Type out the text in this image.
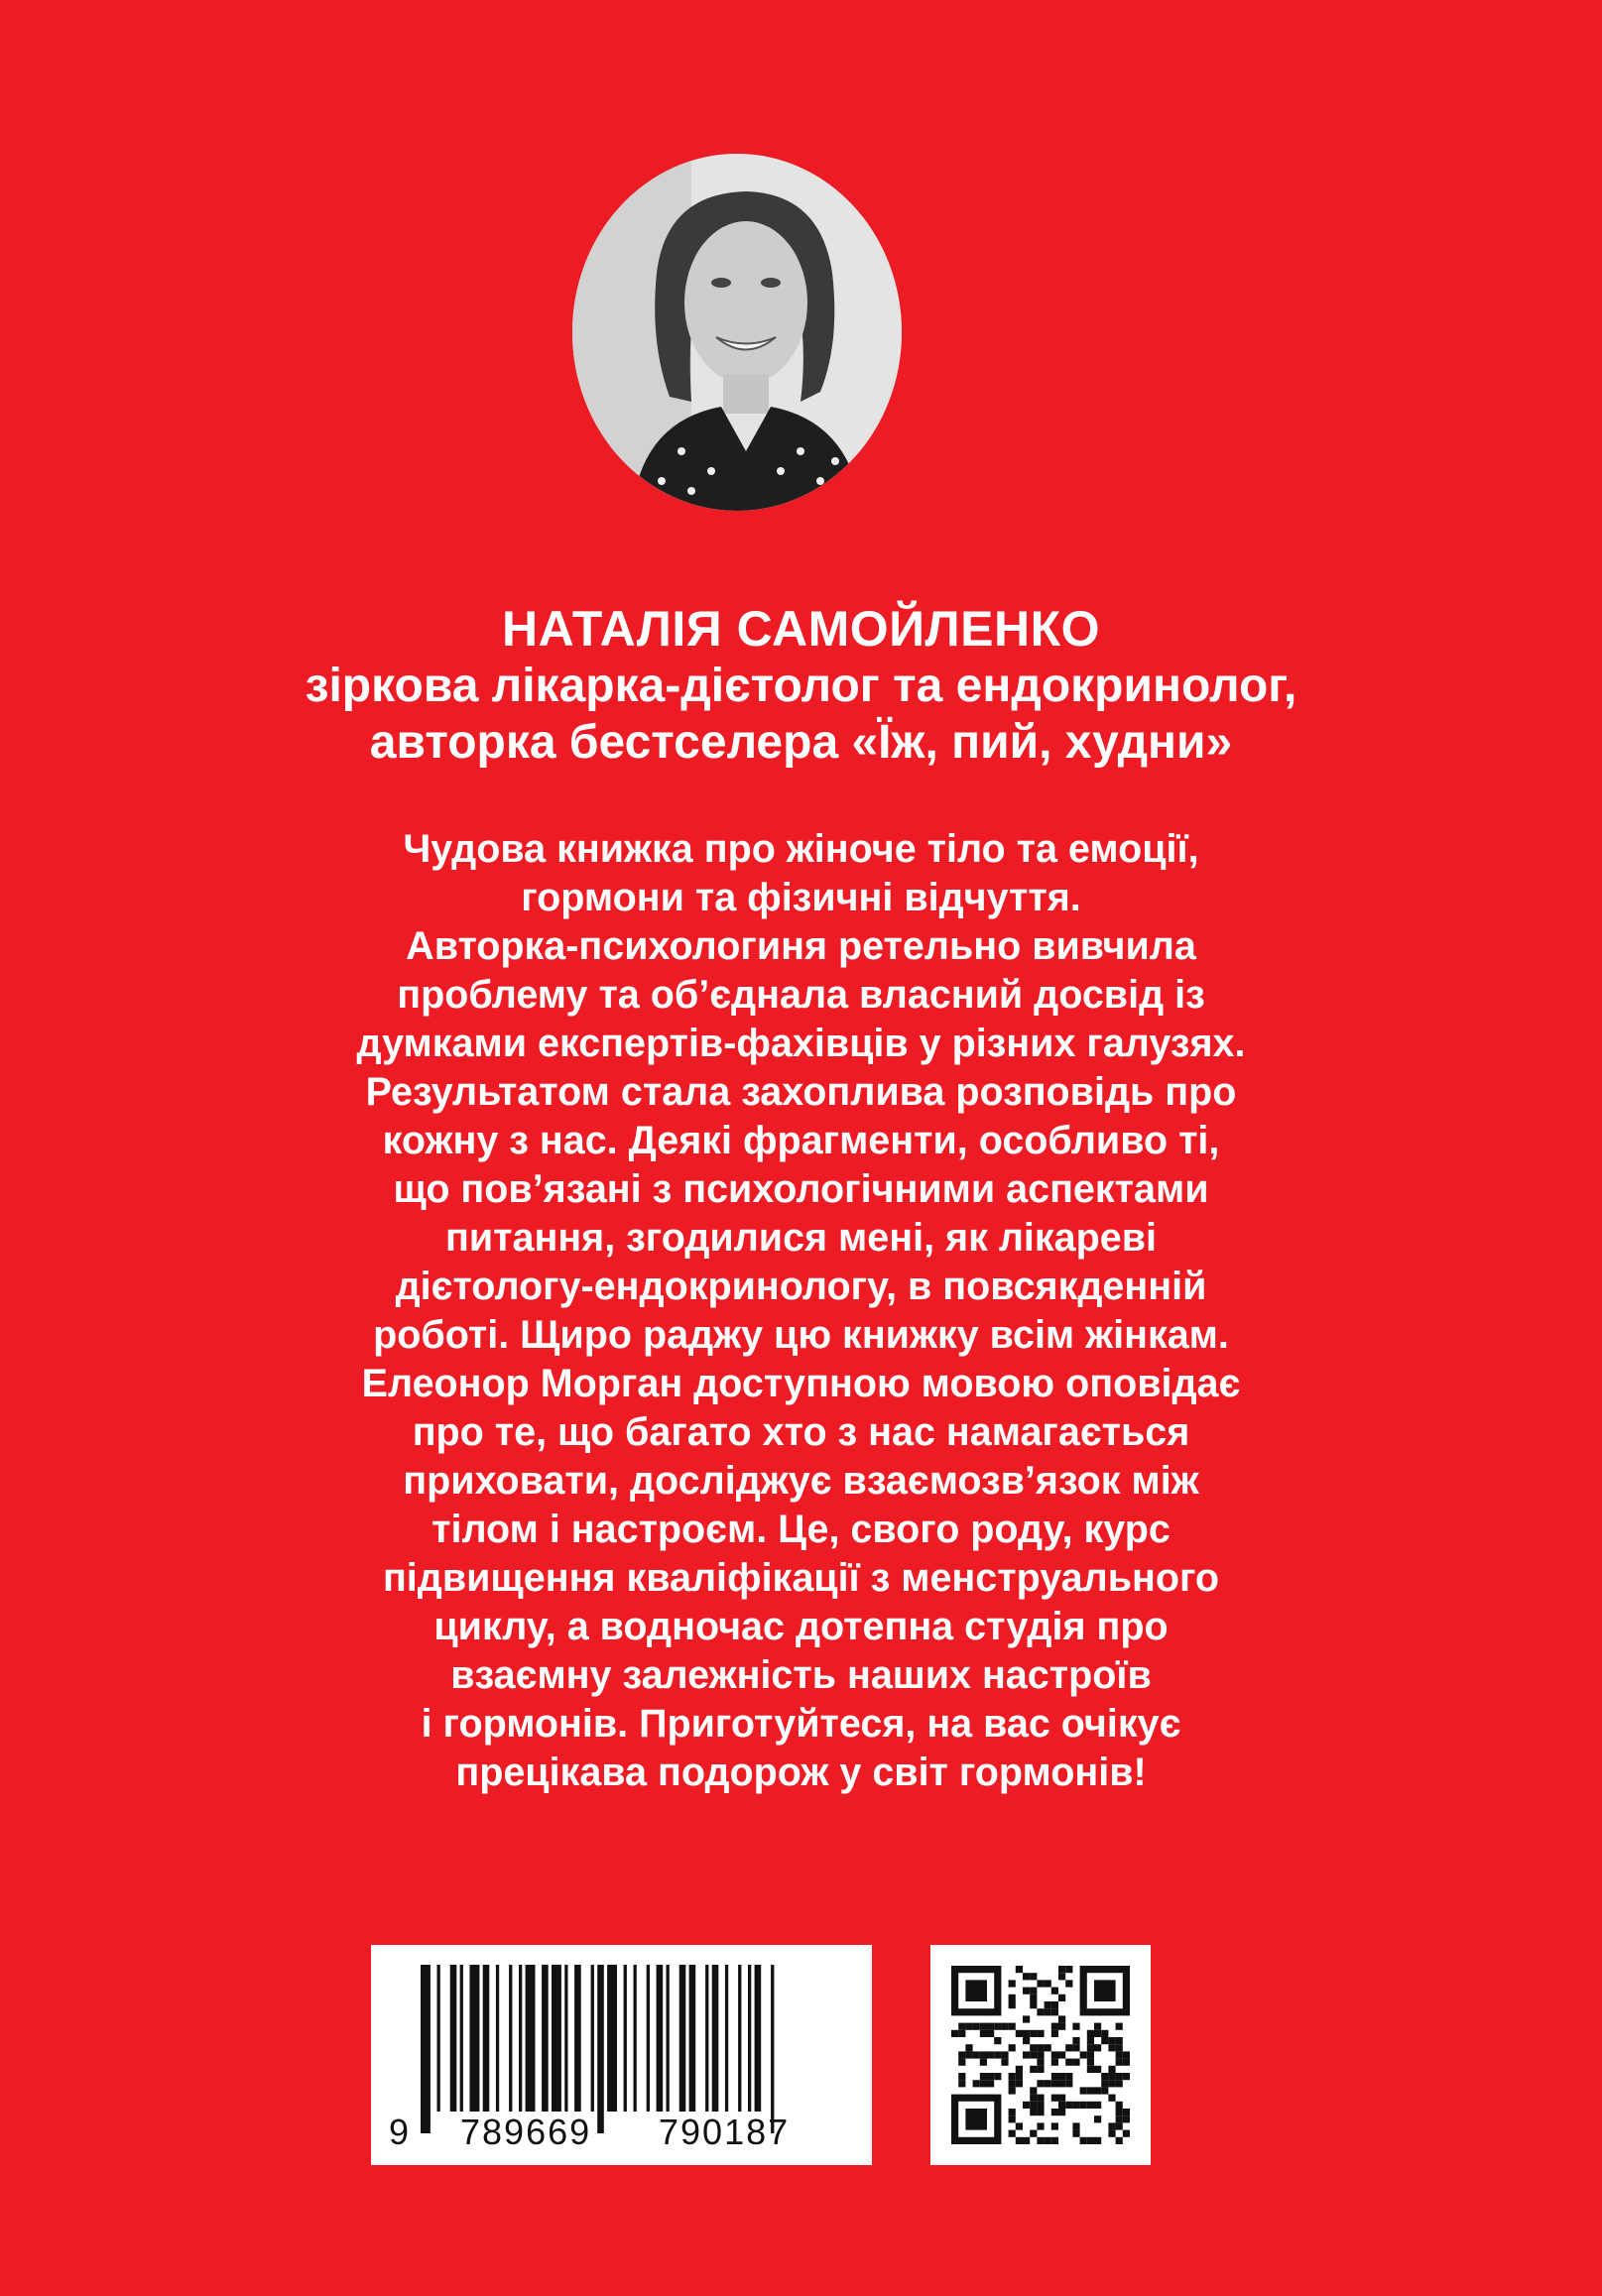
НАТАЛІЯ САМОЙЛЕНКО
зіркова лікарка-дієтолог та ендокринолог,
авторка бестселера «Їж, пий, худни»
Чудова книжка про жіноче тіло та емоції,
гормони та фізичні відчуття.
Авторка-психологиня ретельно вивчила
проблему та об’єднала власний досвід із
думками експертів-фахівців у різних галузях.
Результатом стала захоплива розповідь про
кожну з нас. Деякі фрагменти, особливо ті,
що пов’язані з психологічними аспектами
питання, згодилися мені, як лікареві
дієтологу-ендокринологу, в повсякденній
роботі. Щиро раджу цю книжку всім жінкам.
Елеонор Морган доступною мовою оповідає
про те, що багато хто з нас намагається
приховати, досліджує взаємозв’язок між
тілом і настроєм. Це, свого роду, курс
підвищення кваліфікації з менструального
циклу, а водночас дотепна студія про
взаємну залежність наших настроїв
і гормонів. Приготуйтеся, на вас очікує
прецікава подорож у світ гормонів!
9 789669 790187
